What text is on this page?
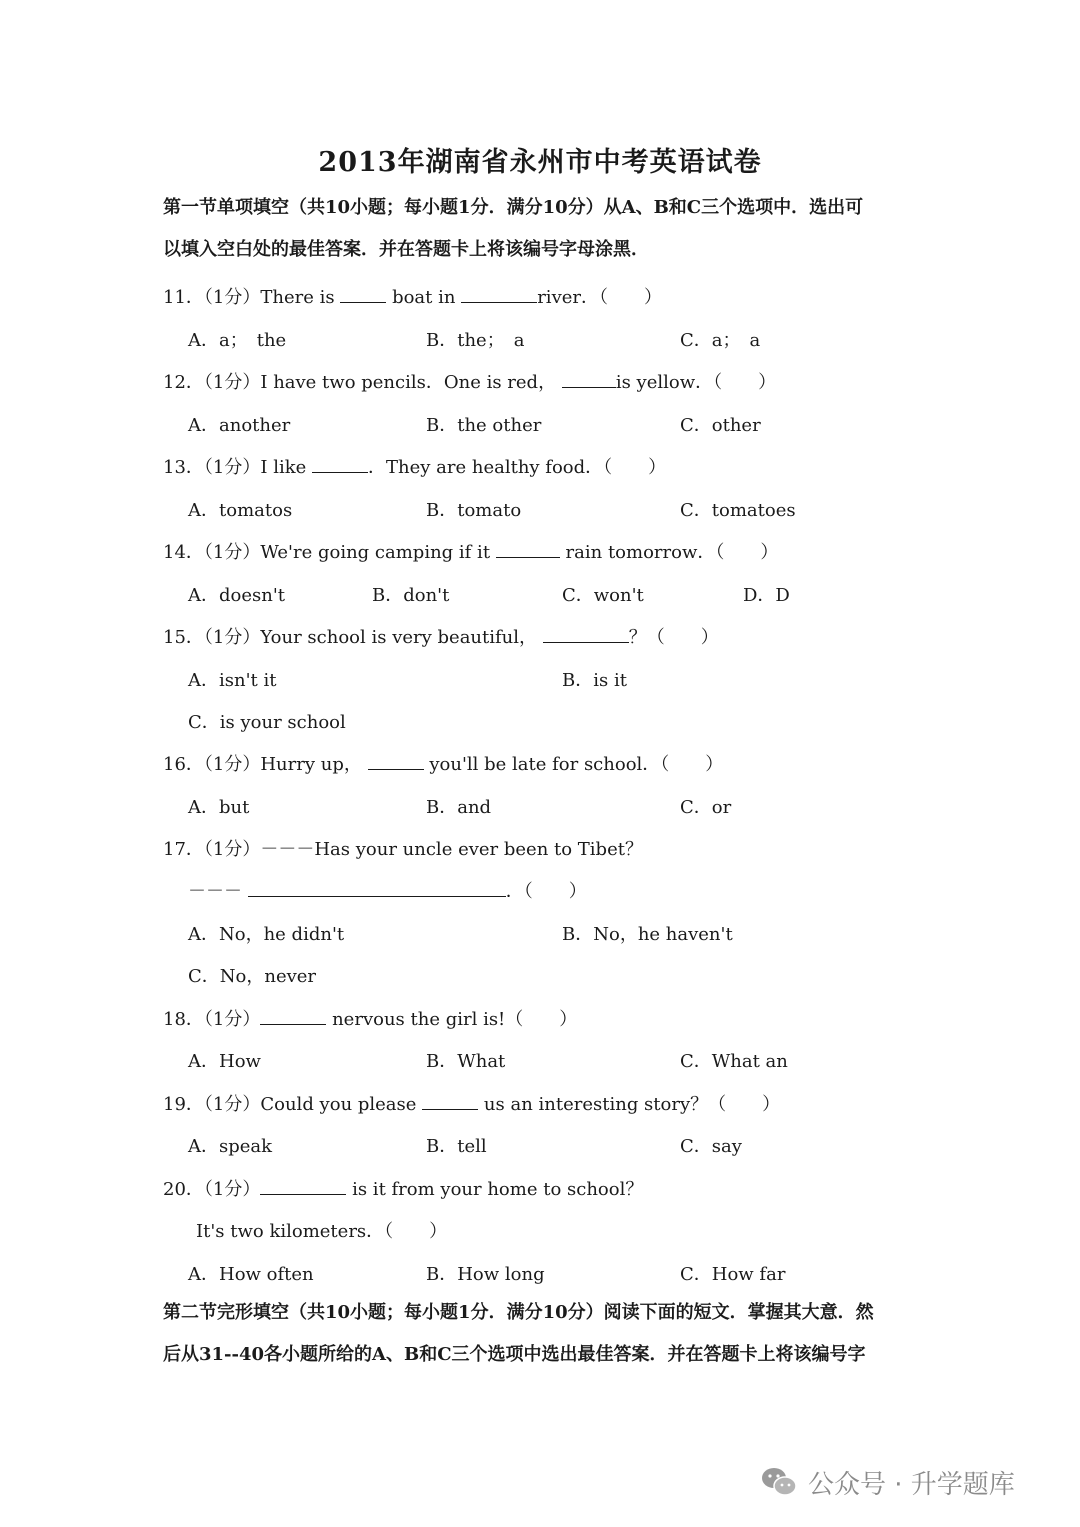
2013年湖南省永州市中考英语试卷
第一节单项填空（共10小题；每小题1分．满分10分）从A、B和C三个选项中．选出可
以填入空白处的最佳答案．并在答题卡上将该编号字母涂黑．
11．（1分）There is	boat in	river．（　　）
A．a；　the	B．the；　a	C．a；　a
12．（1分）I have two pencils．One is red，	is yellow．（　　）
A．another	B．the other	C．other
13．（1分）I like	．They are healthy food．（　　）
A．tomatos	B．tomato	C．tomatoes
14．（1分）We're going camping if it	rain tomorrow．（　　）
A．doesn't	B．don't	C．won't	D．D
15．（1分）Your school is very beautiful，	？（　　）
A．isn't it	B．is it
C．is your school
16．（1分）Hurry up，	you'll be late for school．（　　）
A．but	B．and	C．or
17．（1分）－－－Has your uncle ever been to Tibet？
－－－	．（　　）
A．No，he didn't	B．No，he haven't
C．No，never
18．（1分）	nervous the girl is!（　　）
A．How	B．What	C．What an
19．（1分）Could you please	us an interesting story？（　　）
A．speak	B．tell	C．say
20．（1分）	is it from your home to school？
It's two kilometers．（　　）
A．How often	B．How long	C．How far
第二节完形填空（共10小题；每小题1分．满分10分）阅读下面的短文．掌握其大意．然
后从31--40各小题所给的A、B和C三个选项中选出最佳答案．并在答题卡上将该编号字
公众号 · 升学题库
